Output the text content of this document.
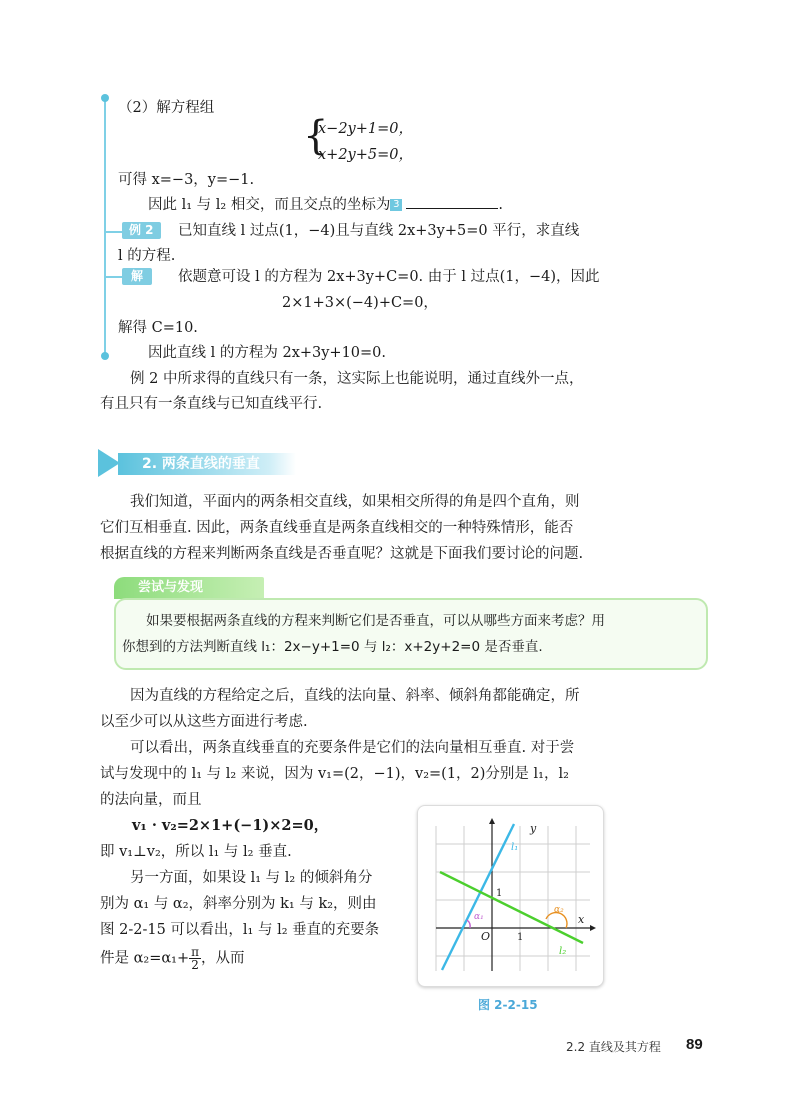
（2）解方程组
{
x−2y+1=0，
x+2y+5=0，
可得 x=−3，y=−1.
因此 l₁ 与 l₂ 相交，而且交点的坐标为 3	.
例 2	已知直线 l 过点(1，−4)且与直线 2x+3y+5=0 平行，求直线
l 的方程.
解	依题意可设 l 的方程为 2x+3y+C=0. 由于 l 过点(1，−4)，因此
2×1+3×(−4)+C=0，
解得 C=10.
因此直线 l 的方程为 2x+3y+10=0.
例 2 中所求得的直线只有一条，这实际上也能说明，通过直线外一点，
有且只有一条直线与已知直线平行.
2. 两条直线的垂直
我们知道，平面内的两条相交直线，如果相交所得的角是四个直角，则
它们互相垂直. 因此，两条直线垂直是两条直线相交的一种特殊情形，能否
根据直线的方程来判断两条直线是否垂直呢？这就是下面我们要讨论的问题.
尝试与发现
如果要根据两条直线的方程来判断它们是否垂直，可以从哪些方面来考虑？用
你想到的方法判断直线 l₁：2x−y+1=0 与 l₂：x+2y+2=0 是否垂直.
因为直线的方程给定之后，直线的法向量、斜率、倾斜角都能确定，所
以至少可以从这些方面进行考虑.
可以看出，两条直线垂直的充要条件是它们的法向量相互垂直. 对于尝
试与发现中的 l₁ 与 l₂ 来说，因为 v₁=(2，−1)，v₂=(1，2)分别是 l₁，l₂
的法向量，而且
v₁ · v₂=2×1+(−1)×2=0，
即 v₁⊥v₂，所以 l₁ 与 l₂ 垂直.
另一方面，如果设 l₁ 与 l₂ 的倾斜角分
别为 α₁ 与 α₂，斜率分别为 k₁ 与 k₂，则由
图 2-2-15 可以看出，l₁ 与 l₂ 垂直的充要条
件是 $\alpha_2=\alpha_1+ \frac{\pi}{2}$ ，从而
y
x
O	1
1
l₁
l₂
α₁
α₂
图 2-2-15
2.2 直线及其方程 89
